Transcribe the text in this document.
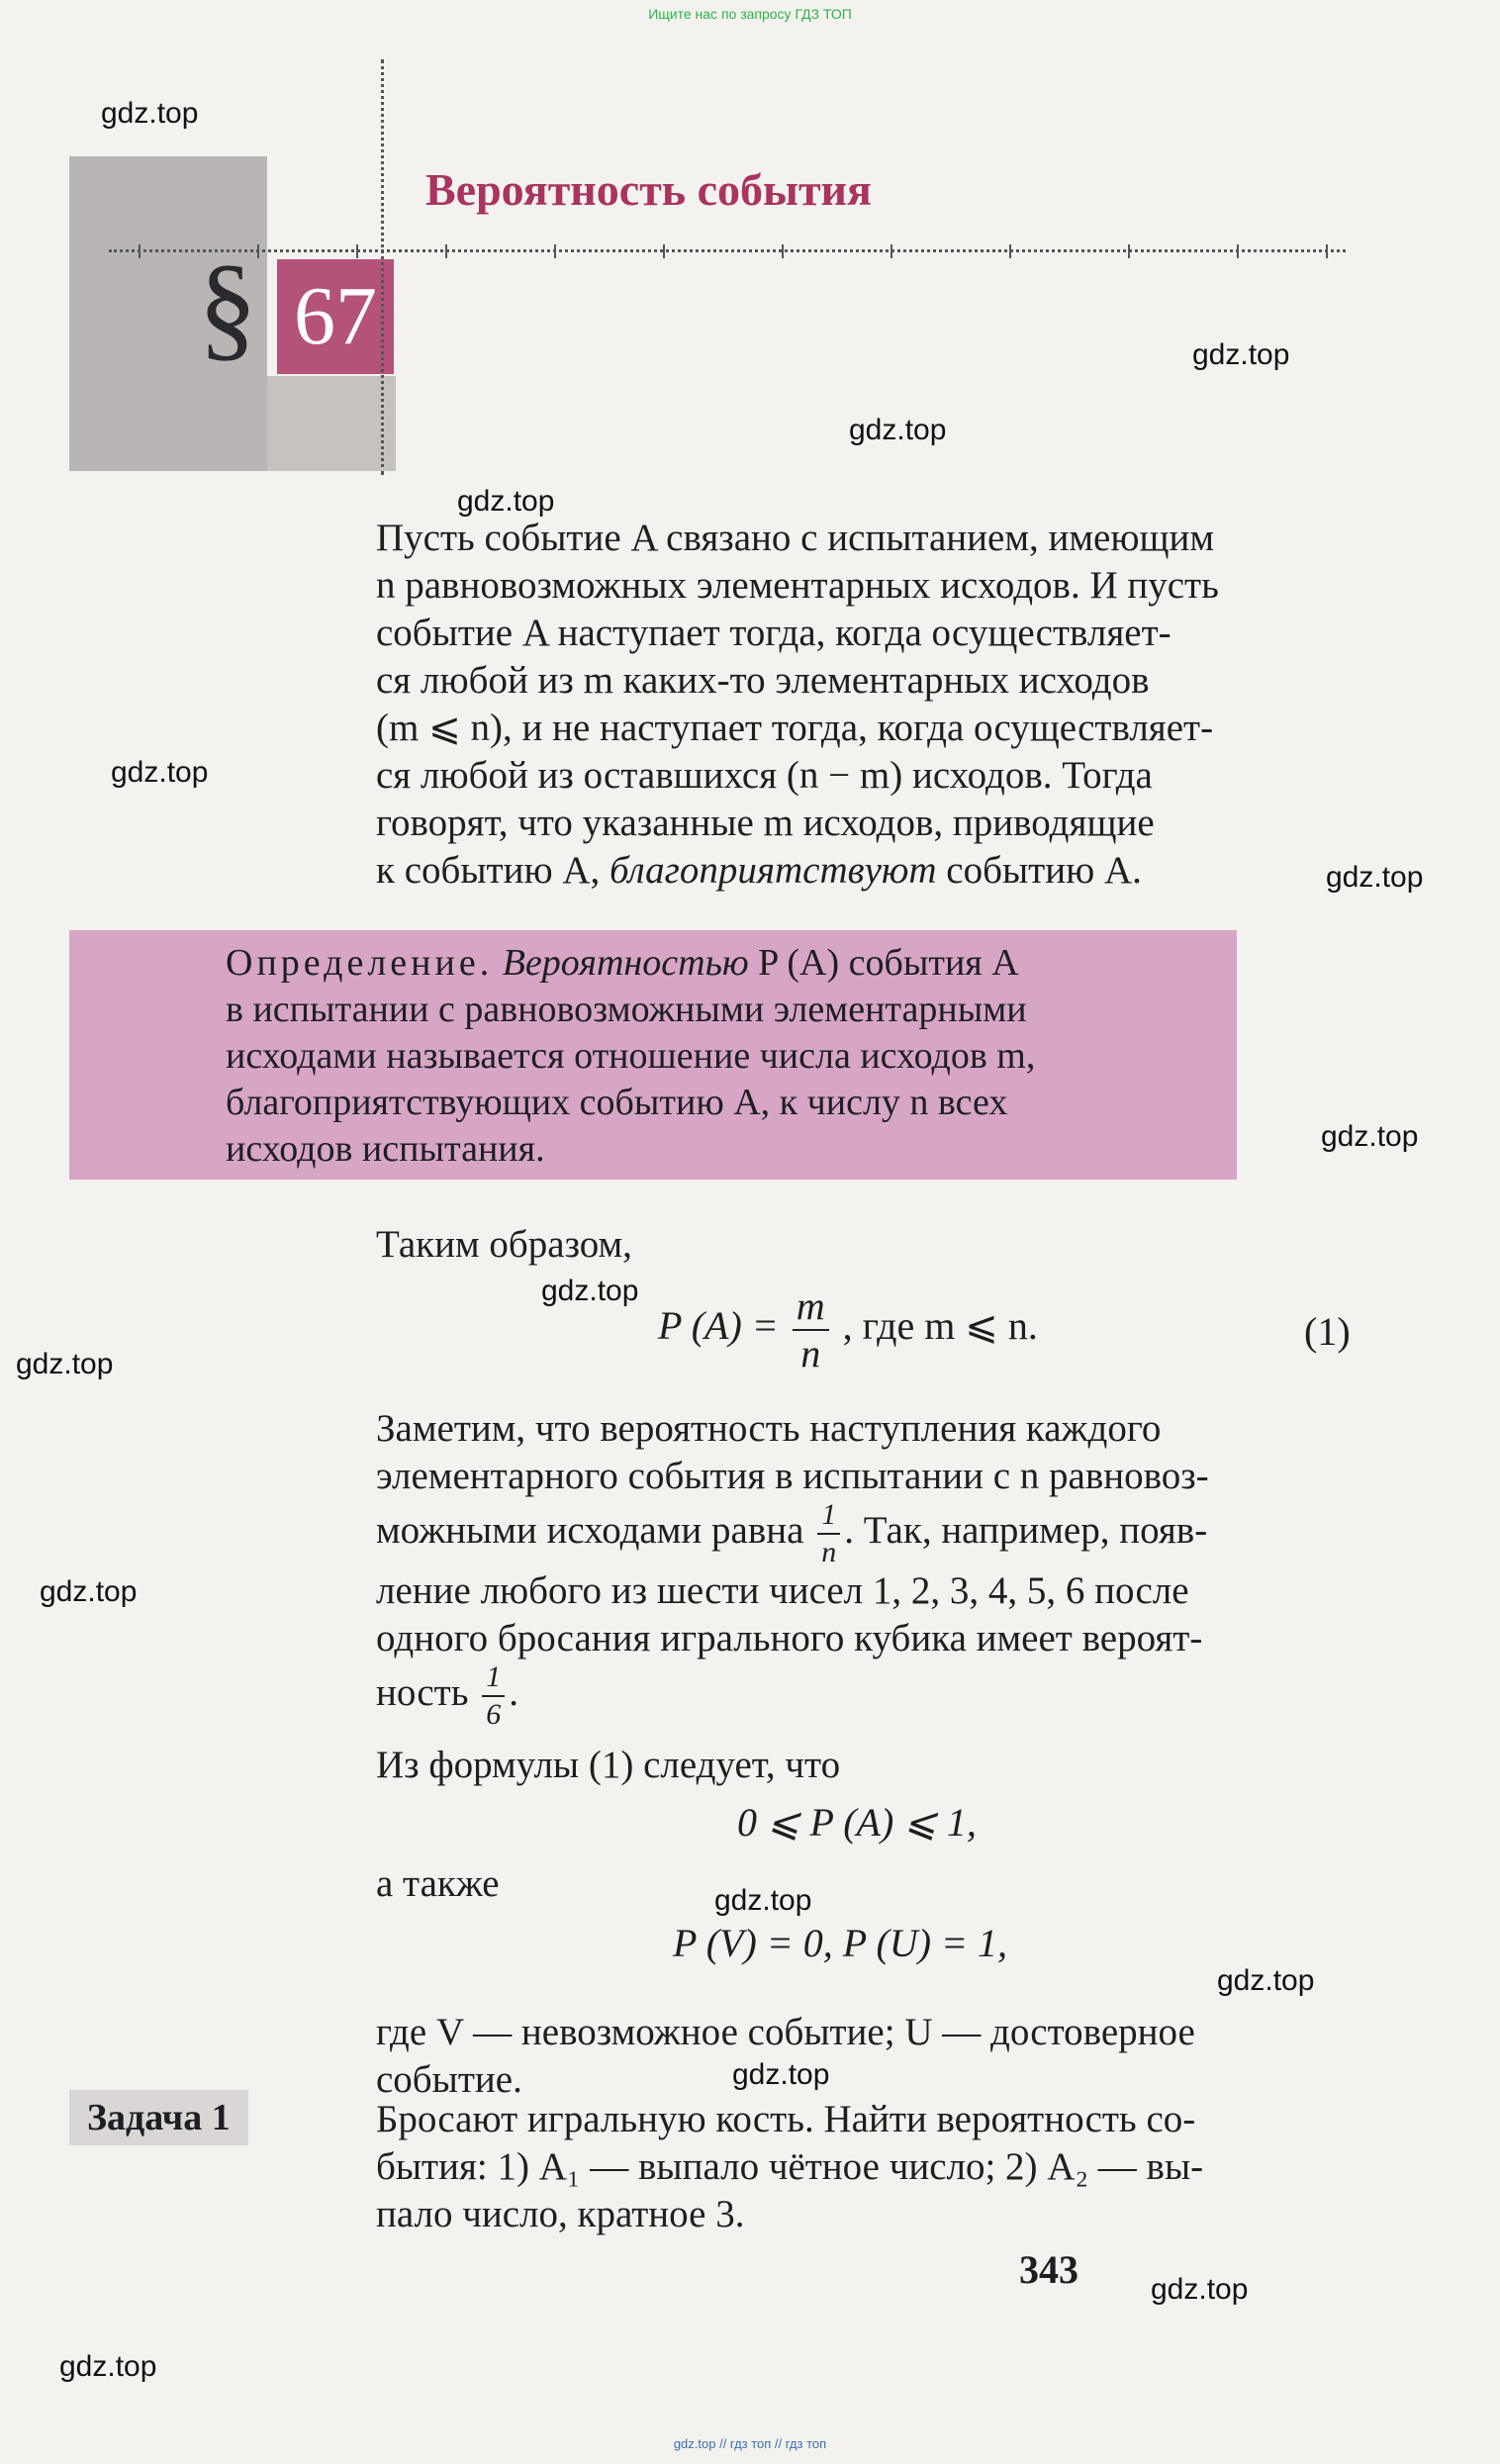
Ищите нас по запросу ГДЗ ТОП
gdz.top // гдз топ // гдз топ
67
§
Вероятность события

Пусть событие A связано с испытанием, имеющим

n равновозможных элементарных исходов. И пусть

событие A наступает тогда, когда осуществляет-

ся любой из m каких-то элементарных исходов

(m ⩽ n), и не наступает тогда, когда осуществляет-

ся любой из оставшихся (n − m) исходов. Тогда

говорят, что указанные m исходов, приводящие

к событию A, благоприятствуют событию A.

Определение. Вероятностью P (A) события A
в испытании с равновозможными элементарными
исходами называется отношение числа исходов m,
благоприятствующих событию A, к числу n всех
исходов испытания.
Таким образом,
P $(A) = \frac{m}{n}$ , где m ⩽ n.	(1)

Заметим, что вероятность наступления каждого

элементарного события в испытании с n равновоз-

можными исходами равна $\frac{1}{n}$ . Так, например, появ-

ление любого из шести чисел 1, 2, 3, 4, 5, 6 после

одного бросания игрального кубика имеет вероят-

ность $\frac{1}{6}$ .

Из формулы (1) следует, что
0 ⩽ P (A) ⩽ 1,
а также
P (V) = 0, P (U) = 1,

где V — невозможное событие; U — достоверное

событие.

Задача 1	Бросают игральную кость. Найти вероятность со-

бытия: 1) A₁ — выпало чётное число; 2) A₂ — вы-

пало число, кратное 3.

343
gdz.top
gdz.top
gdz.top
gdz.top
gdz.top
gdz.top
gdz.top
gdz.top
gdz.top
gdz.top
gdz.top
gdz.top
gdz.top
gdz.top
gdz.top
